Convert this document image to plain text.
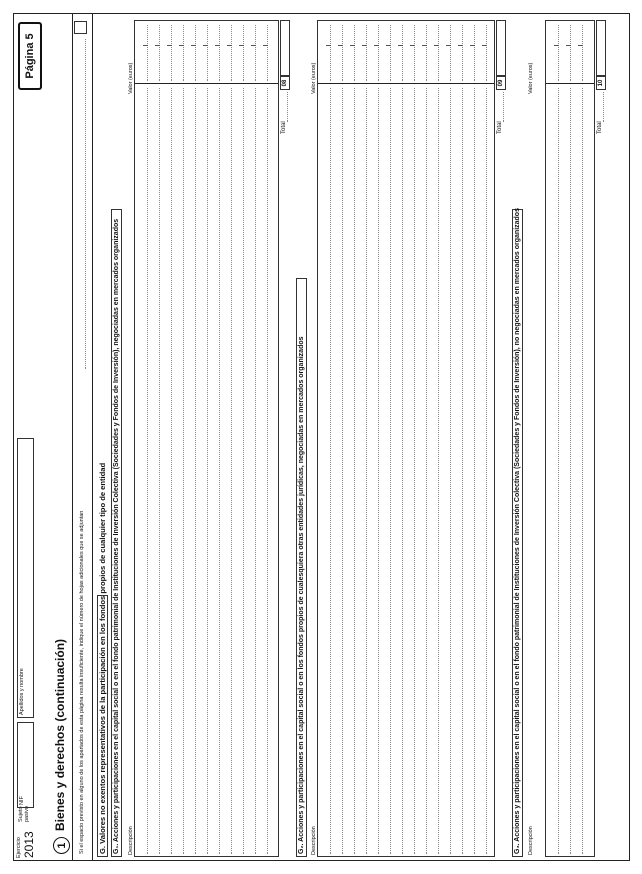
Ejercicio 2013
Sujeto
pasivo
NIF
Apellidos y nombre
Página 5
1
Bienes y derechos (continuación) Si el espacio previsto en alguno de los apartados de esta página resulta insuficiente, indique el número de hojas adicionales que se adjuntan G. Valores no exentos representativos de la participación en los fondos propios de cualquier tipo de entidad G₁. Acciones y participaciones en el capital social o en el fondo patrimonial de Instituciones de Inversión Colectiva (Sociedades y Fondos de Inversión), negociadas en mercados organizados Descripción
Valor (euros)
Total
08
G₂. Acciones y participaciones en el capital social o en los fondos propios de cualesquiera otras entidades jurídicas, negociadas en mercados organizados Descripción
Valor (euros)
Total
09
G₃. Acciones y participaciones en el capital social o en el fondo patrimonial de Instituciones de Inversión Colectiva (Sociedades y Fondos de Inversión), no negociadas en mercados organizados Descripción
Valor (euros)
Total
10
